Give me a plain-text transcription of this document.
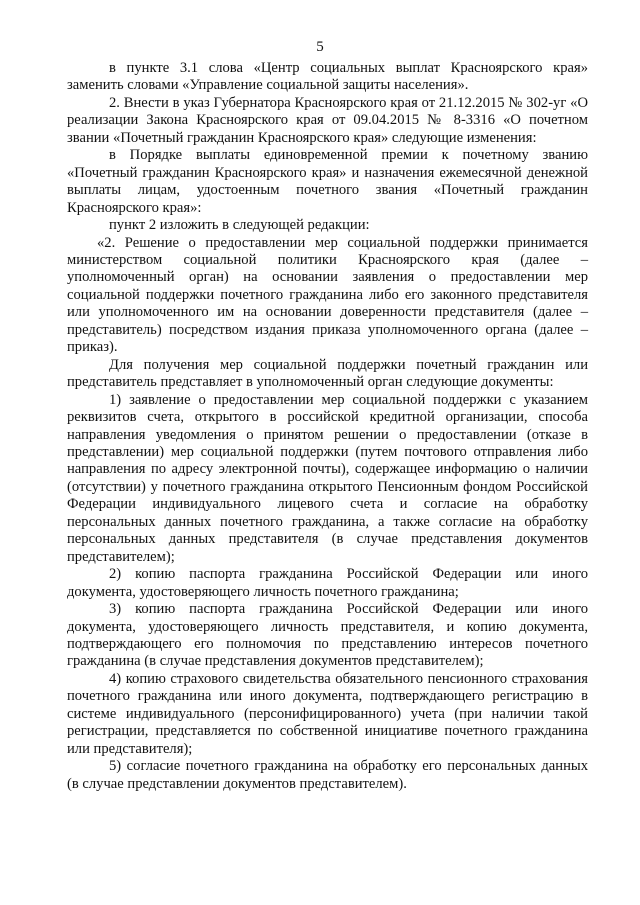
5

в пункте 3.1 слова «Центр социальных выплат Красноярского края» заменить словами «Управление социальной защиты населения».

2. Внести в указ Губернатора Красноярского края от 21.12.2015 № 302-уг «О реализации Закона Красноярского края от 09.04.2015 № 8-3316 «О почетном звании «Почетный гражданин Красноярского края» следующие изменения:

в Порядке выплаты единовременной премии к почетному званию «Почетный гражданин Красноярского края» и назначения ежемесячной денежной выплаты лицам, удостоенным почетного звания «Почетный гражданин Красноярского края»:

пункт 2 изложить в следующей редакции:

«2. Решение о предоставлении мер социальной поддержки принимается министерством социальной политики Красноярского края (далее – уполномоченный орган) на основании заявления о предоставлении мер социальной поддержки почетного гражданина либо его законного представителя или уполномоченного им на основании доверенности представителя (далее – представитель) посредством издания приказа уполномоченного органа (далее – приказ).

Для получения мер социальной поддержки почетный гражданин или представитель представляет в уполномоченный орган следующие документы:

1) заявление о предоставлении мер социальной поддержки с указанием реквизитов счета, открытого в российской кредитной организации, способа направления уведомления о принятом решении о предоставлении (отказе в представлении) мер социальной поддержки (путем почтового отправления либо направления по адресу электронной почты), содержащее информацию о наличии (отсутствии) у почетного гражданина открытого Пенсионным фондом Российской Федерации индивидуального лицевого счета и согласие на обработку персональных данных почетного гражданина, а также согласие на обработку персональных данных представителя (в случае представления документов представителем);

2) копию паспорта гражданина Российской Федерации или иного документа, удостоверяющего личность почетного гражданина;

3) копию паспорта гражданина Российской Федерации или иного документа, удостоверяющего личность представителя, и копию документа, подтверждающего его полномочия по представлению интересов почетного гражданина (в случае представления документов представителем);

4) копию страхового свидетельства обязательного пенсионного страхования почетного гражданина или иного документа, подтверждающего регистрацию в системе индивидуального (персонифицированного) учета (при наличии такой регистрации, представляется по собственной инициативе почетного гражданина или представителя);

5) согласие почетного гражданина на обработку его персональных данных (в случае представлении документов представителем).
